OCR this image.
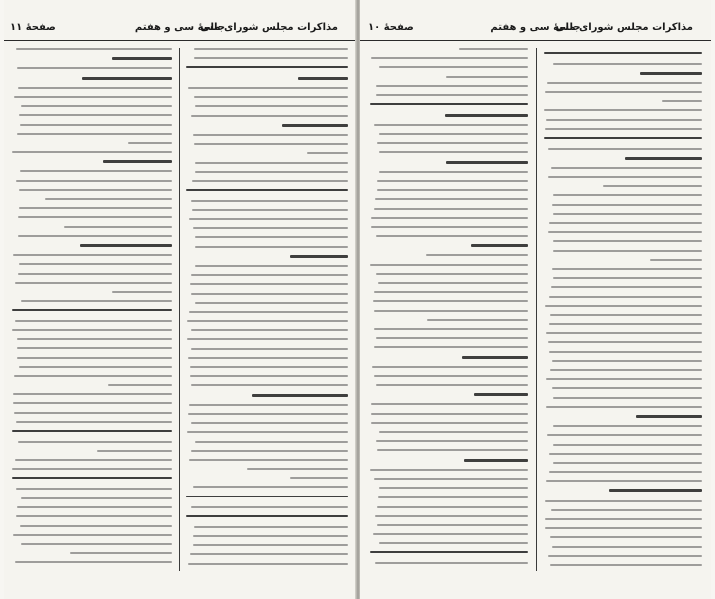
صفحهٔ ۱۱	جلسهٔ سی و هفتم
مذاکرات مجلس شورای ملی	صفحهٔ ۱۰	جلسهٔ سی و هفتم
مذاکرات مجلس شورای ملی
